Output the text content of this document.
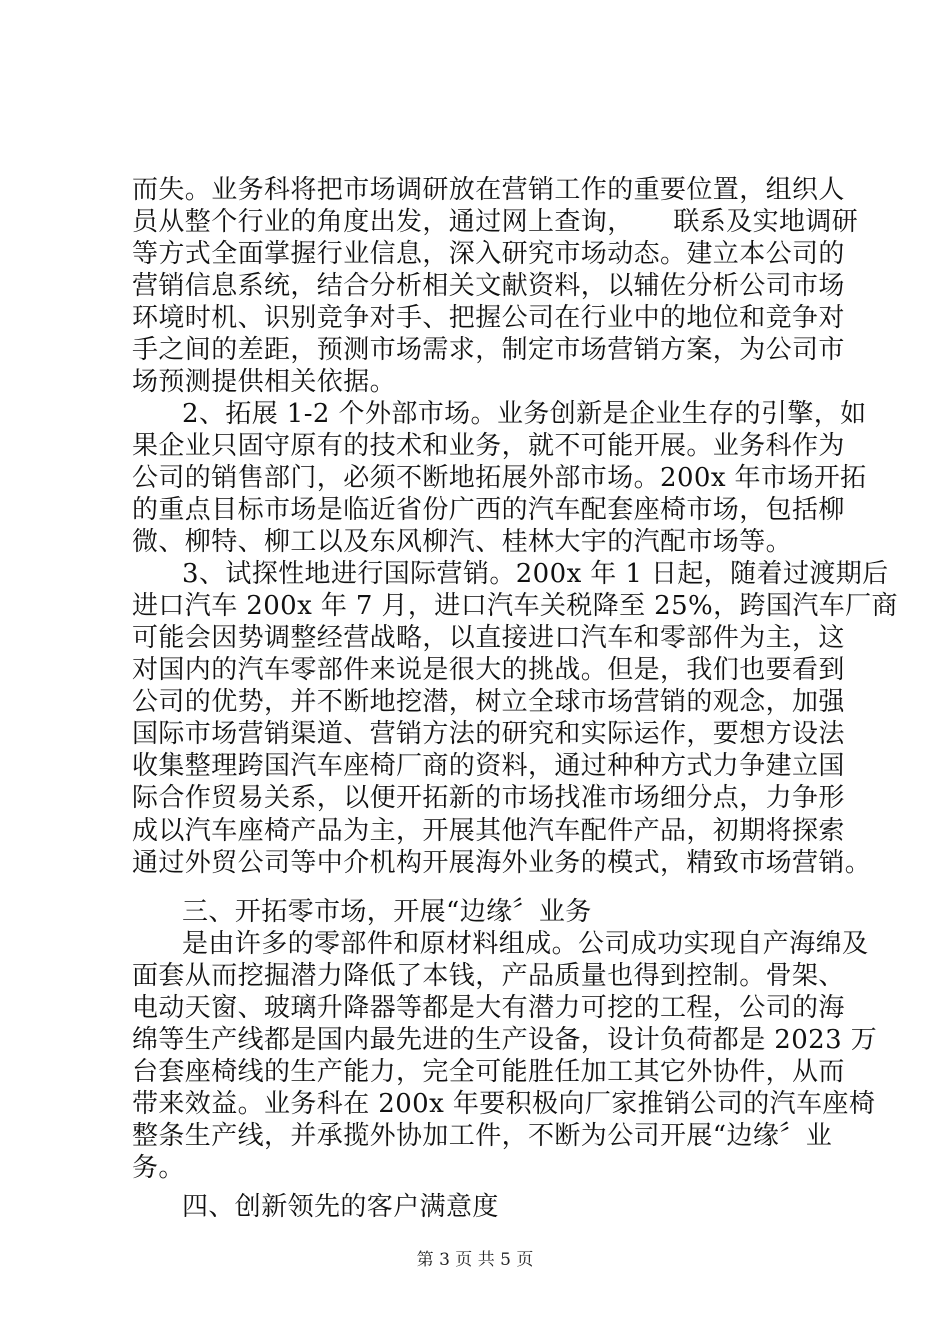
而失。业务科将把市场调研放在营销工作的重要位置，组织人
员从整个行业的角度出发，通过网上查询，　　联系及实地调研
等方式全面掌握行业信息，深入研究市场动态。建立本公司的
营销信息系统，结合分析相关文献资料，以辅佐分析公司市场
环境时机、识别竞争对手、把握公司在行业中的地位和竞争对
手之间的差距，预测市场需求，制定市场营销方案，为公司市
场预测提供相关依据。
2、拓展 1-2 个外部市场。业务创新是企业生存的引擎，如
果企业只固守原有的技术和业务，就不可能开展。业务科作为
公司的销售部门，必须不断地拓展外部市场。200x 年市场开拓
的重点目标市场是临近省份广西的汽车配套座椅市场，包括柳
微、柳特、柳工以及东风柳汽、桂林大宇的汽配市场等。
3、试探性地进行国际营销。200x 年 1 日起，随着过渡期后
进口汽车 200x 年 7 月，进口汽车关税降至 25%，跨国汽车厂商
可能会因势调整经营战略，以直接进口汽车和零部件为主，这
对国内的汽车零部件来说是很大的挑战。但是，我们也要看到
公司的优势，并不断地挖潜，树立全球市场营销的观念，加强
国际市场营销渠道、营销方法的研究和实际运作，要想方设法
收集整理跨国汽车座椅厂商的资料，通过种种方式力争建立国
际合作贸易关系，以便开拓新的市场找准市场细分点，力争形
成以汽车座椅产品为主，开展其他汽车配件产品，初期将探索
通过外贸公司等中介机构开展海外业务的模式，精致市场营销。
三、开拓零市场，开展“边缘〞业务
是由许多的零部件和原材料组成。公司成功实现自产海绵及
面套从而挖掘潜力降低了本钱，产品质量也得到控制。骨架、
电动天窗、玻璃升降器等都是大有潜力可挖的工程，公司的海
绵等生产线都是国内最先进的生产设备，设计负荷都是 2023 万
台套座椅线的生产能力，完全可能胜任加工其它外协件，从而
带来效益。业务科在 200x 年要积极向厂家推销公司的汽车座椅
整条生产线，并承揽外协加工件，不断为公司开展“边缘〞业
务。
四、创新领先的客户满意度
第 3 页 共 5 页
